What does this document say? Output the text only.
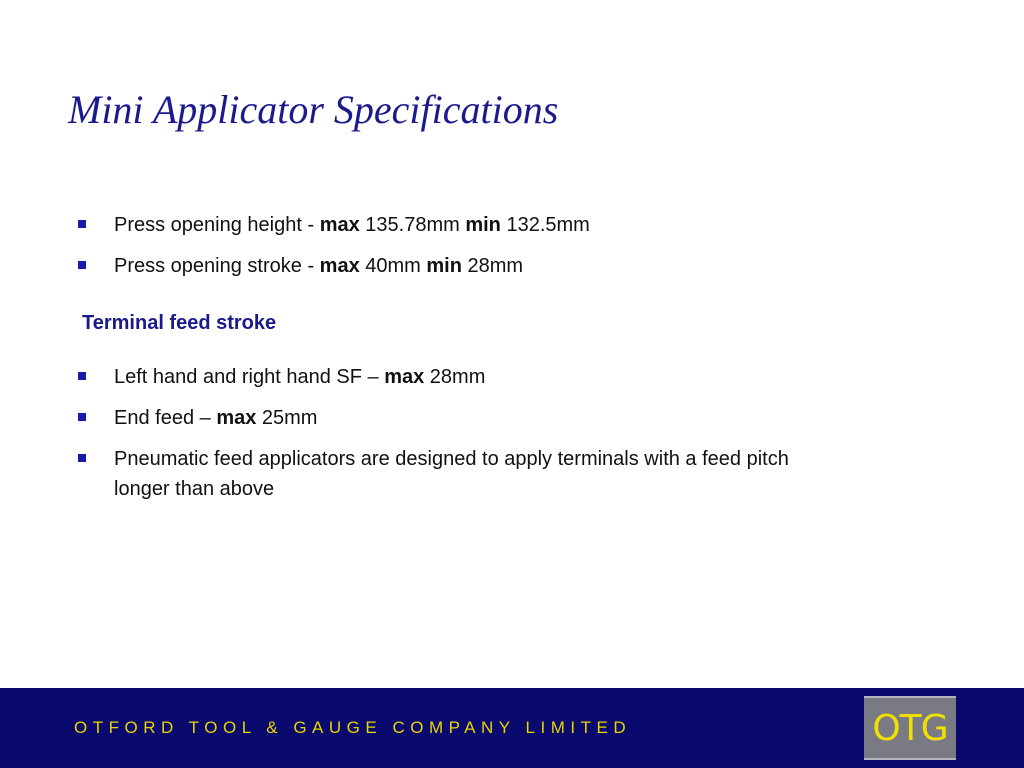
Mini Applicator Specifications
Press opening height - max 135.78mm min 132.5mm
Press opening stroke - max 40mm min 28mm
Terminal feed stroke
Left hand and right hand SF – max 28mm
End feed – max 25mm
Pneumatic feed applicators are designed to apply terminals with a feed pitch longer than above
OTFORD TOOL & GAUGE COMPANY LIMITED	OTG
